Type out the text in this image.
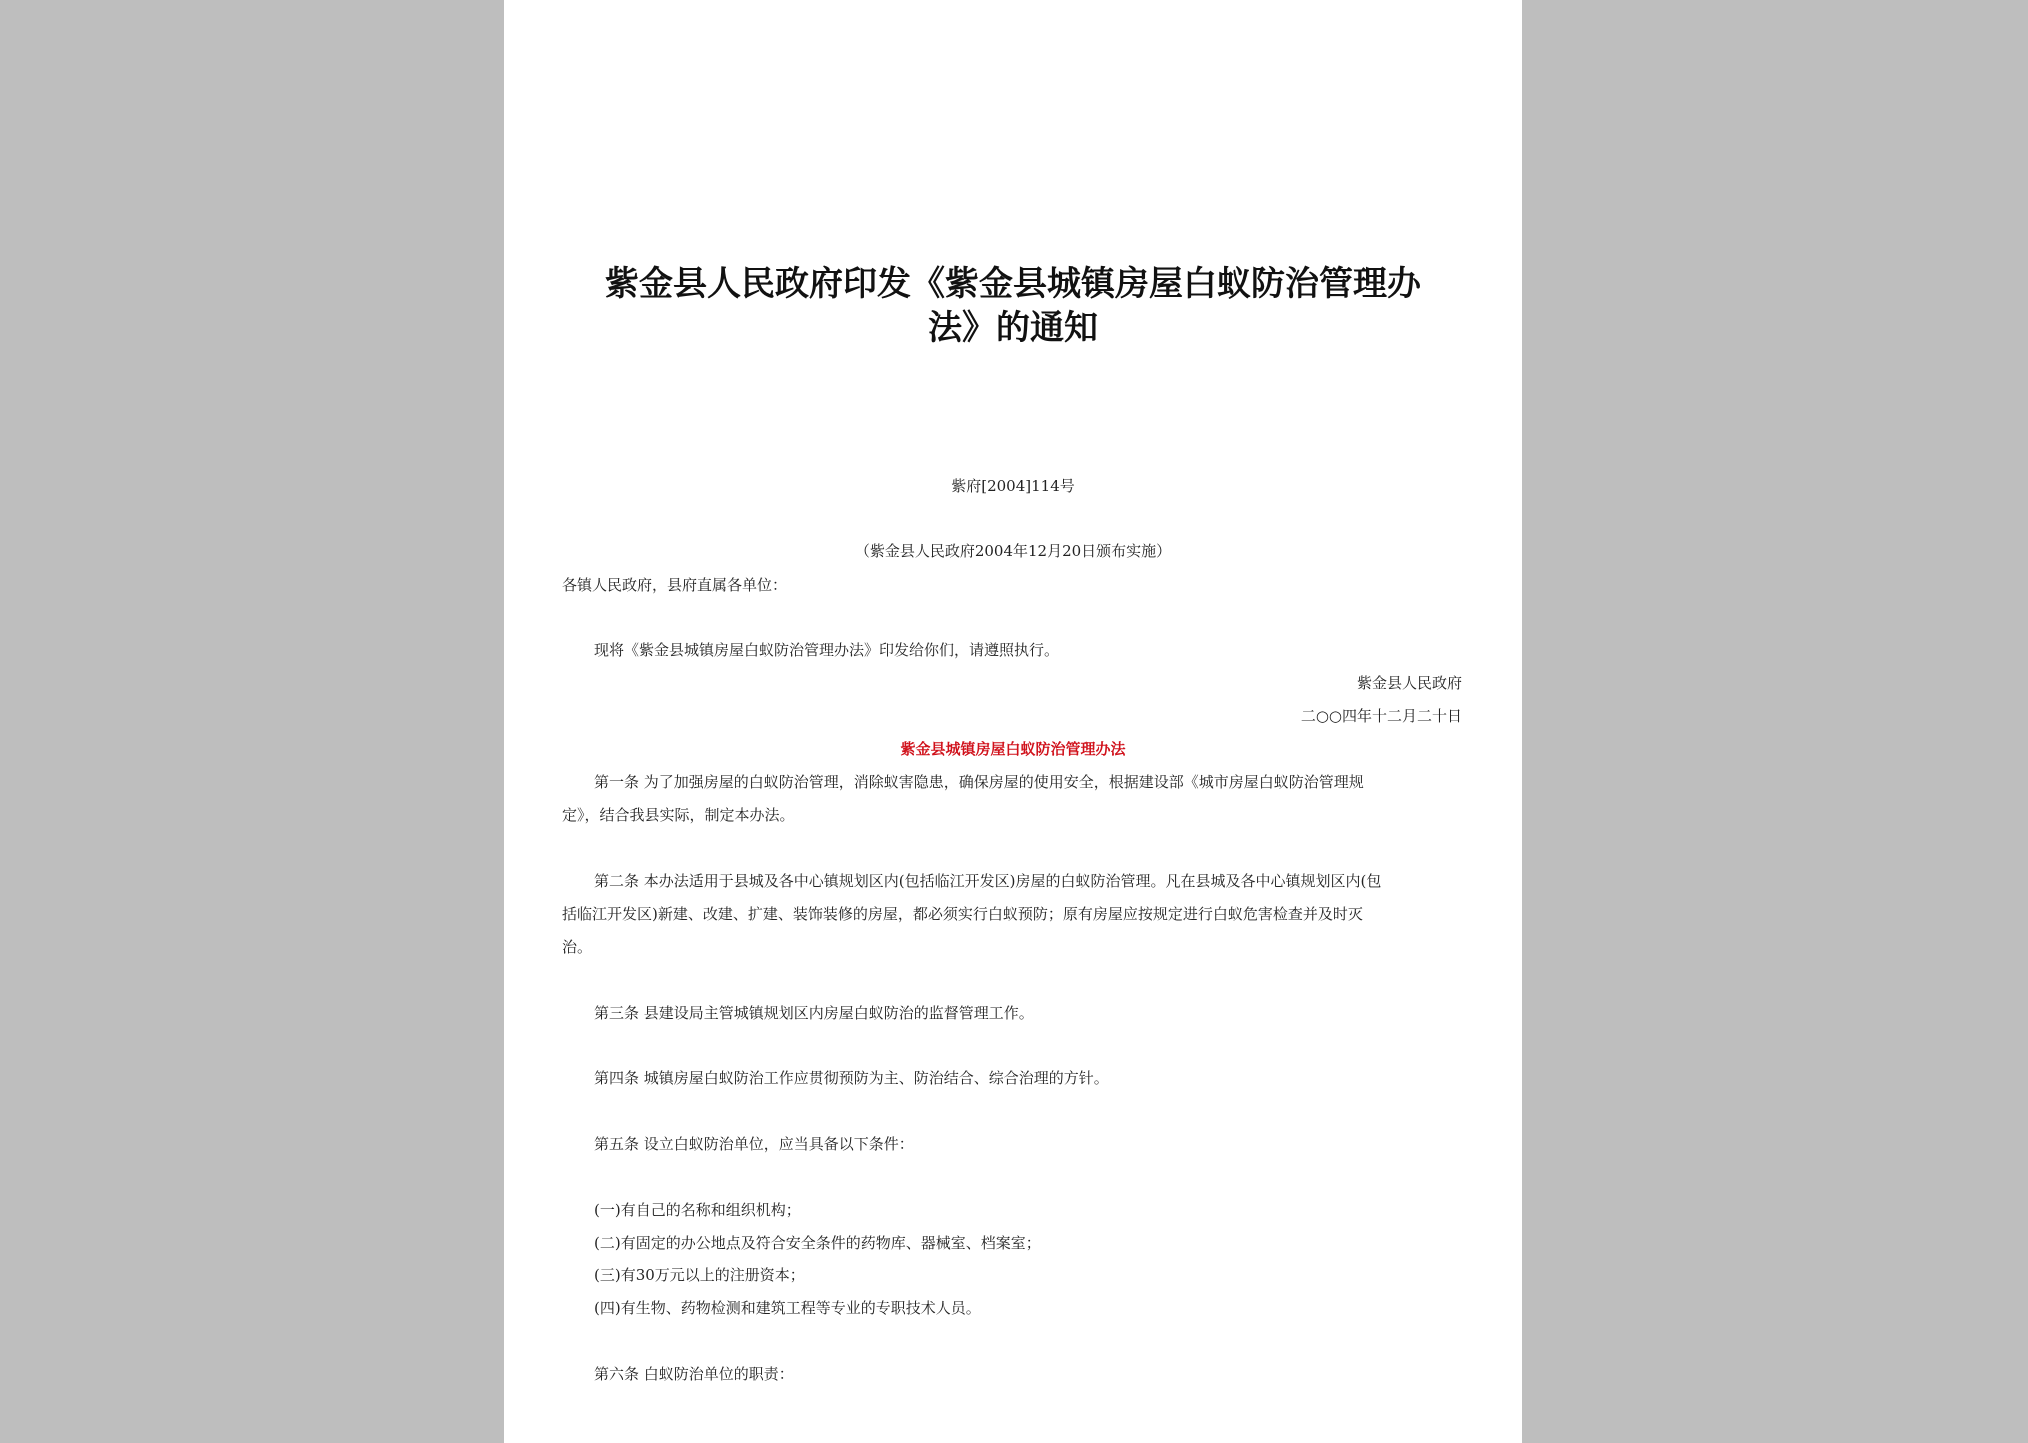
紫金县人民政府印发《紫金县城镇房屋白蚁防治管理办
法》的通知

紫府[2004]114号

（紫金县人民政府2004年12月20日颁布实施）

各镇人民政府，县府直属各单位：

现将《紫金县城镇房屋白蚁防治管理办法》印发给你们，请遵照执行。

紫金县人民政府

二○○四年十二月二十日

紫金县城镇房屋白蚁防治管理办法

第一条 为了加强房屋的白蚁防治管理，消除蚁害隐患，确保房屋的使用安全，根据建设部《城市房屋白蚁防治管理规

定》，结合我县实际，制定本办法。

第二条 本办法适用于县城及各中心镇规划区内(包括临江开发区)房屋的白蚁防治管理。凡在县城及各中心镇规划区内(包

括临江开发区)新建、改建、扩建、装饰装修的房屋，都必须实行白蚁预防；原有房屋应按规定进行白蚁危害检查并及时灭

治。

第三条 县建设局主管城镇规划区内房屋白蚁防治的监督管理工作。

第四条 城镇房屋白蚁防治工作应贯彻预防为主、防治结合、综合治理的方针。

第五条 设立白蚁防治单位，应当具备以下条件：

(一)有自己的名称和组织机构；

(二)有固定的办公地点及符合安全条件的药物库、器械室、档案室；

(三)有30万元以上的注册资本；

(四)有生物、药物检测和建筑工程等专业的专职技术人员。

第六条 白蚁防治单位的职责：
